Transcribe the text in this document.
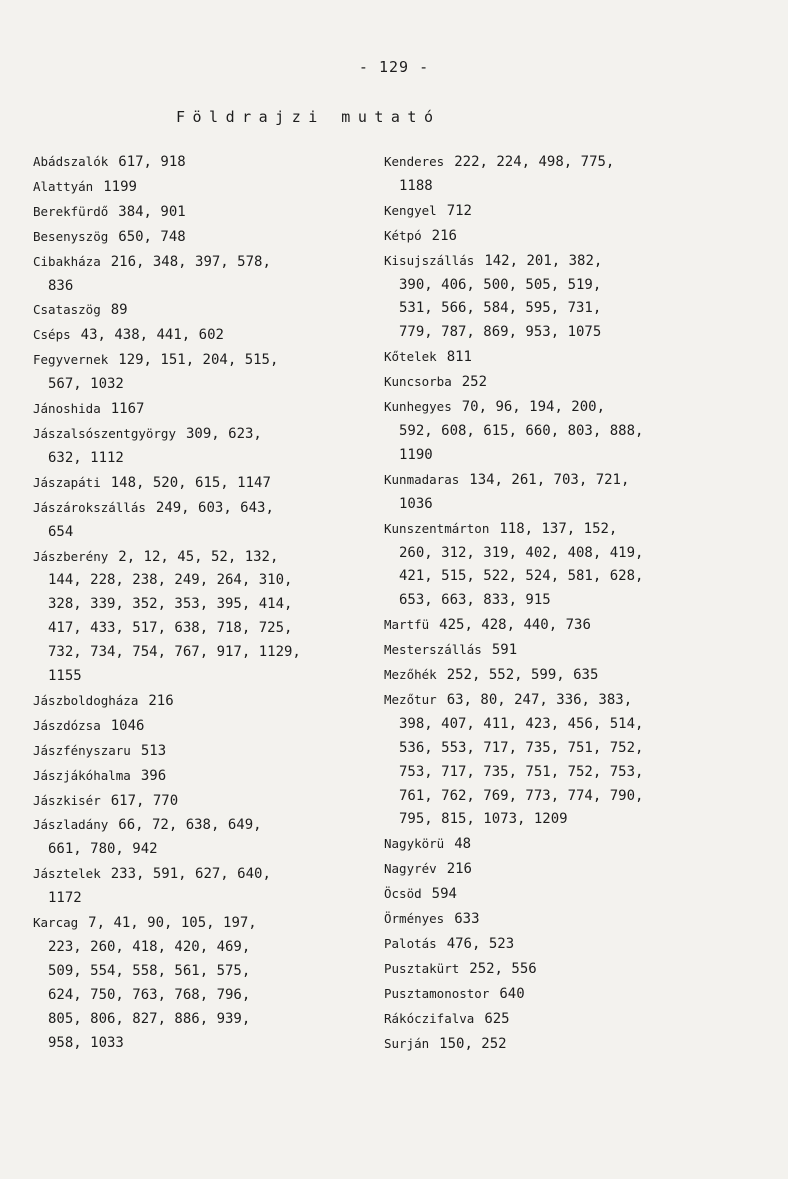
- 129 -
Földrajzi mutató
Abádszalók 617, 918
Alattyán 1199
Berekfürdő 384, 901
Besenyszög 650, 748
Cibakháza 216, 348, 397, 578,
836
Csataszög 89
Cséps 43, 438, 441, 602
Fegyvernek 129, 151, 204, 515,
567, 1032
Jánoshida 1167
Jászalsószentgyörgy 309, 623,
632, 1112
Jászapáti 148, 520, 615, 1147
Jászárokszállás 249, 603, 643,
654
Jászberény 2, 12, 45, 52, 132,
144, 228, 238, 249, 264, 310,
328, 339, 352, 353, 395, 414,
417, 433, 517, 638, 718, 725,
732, 734, 754, 767, 917, 1129,
1155
Jászboldogháza 216
Jászdózsa 1046
Jászfényszaru 513
Jászjákóhalma 396
Jászkisér 617, 770
Jászladány 66, 72, 638, 649,
661, 780, 942
Jásztelek 233, 591, 627, 640,
1172
Karcag 7, 41, 90, 105, 197,
223, 260, 418, 420, 469,
509, 554, 558, 561, 575,
624, 750, 763, 768, 796,
805, 806, 827, 886, 939,
958, 1033
Kenderes 222, 224, 498, 775,
1188
Kengyel 712
Kétpó 216
Kisujszállás 142, 201, 382,
390, 406, 500, 505, 519,
531, 566, 584, 595, 731,
779, 787, 869, 953, 1075
Kőtelek 811
Kuncsorba 252
Kunhegyes 70, 96, 194, 200,
592, 608, 615, 660, 803, 888,
1190
Kunmadaras 134, 261, 703, 721,
1036
Kunszentmárton 118, 137, 152,
260, 312, 319, 402, 408, 419,
421, 515, 522, 524, 581, 628,
653, 663, 833, 915
Martfü 425, 428, 440, 736
Mesterszállás 591
Mezőhék 252, 552, 599, 635
Mezőtur 63, 80, 247, 336, 383,
398, 407, 411, 423, 456, 514,
536, 553, 717, 735, 751, 752,
753, 717, 735, 751, 752, 753,
761, 762, 769, 773, 774, 790,
795, 815, 1073, 1209
Nagykörü 48
Nagyrév 216
Öcsöd 594
Örményes 633
Palotás 476, 523
Pusztakürt 252, 556
Pusztamonostor 640
Rákóczifalva 625
Surján 150, 252
